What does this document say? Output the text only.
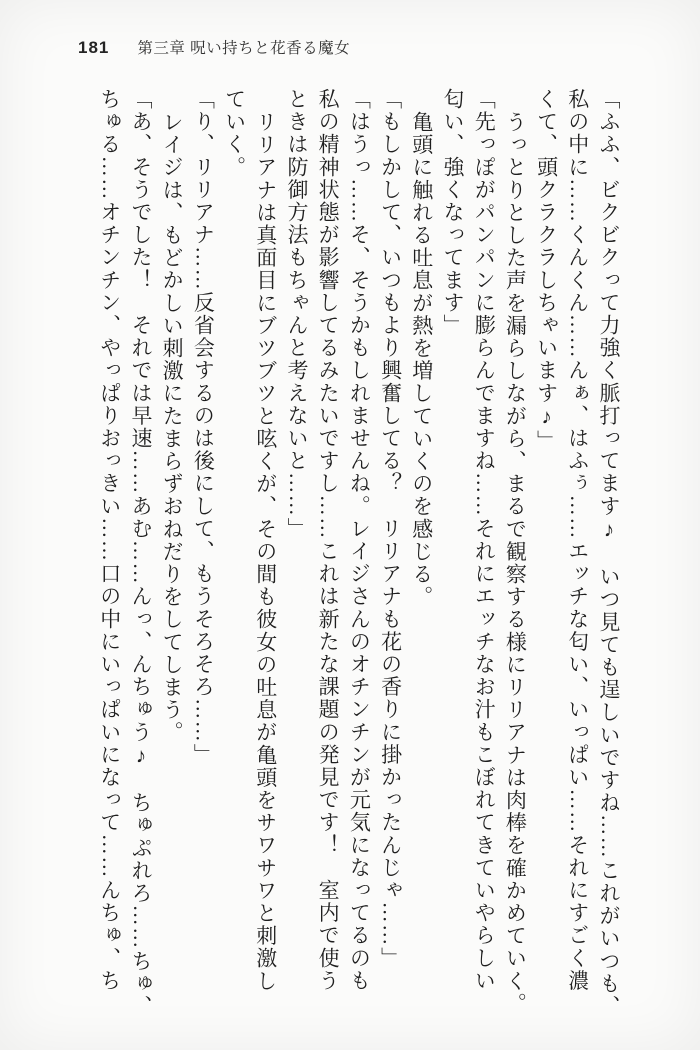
181 第三章 呪い持ちと花香る魔女
「ふふ、ビクビクって力強く脈打ってます♪　いつ見ても逞しいですね……これがいつも、
私の中に……くんくん……んぁ、はふぅ……エッチな匂い、いっぱい……それにすごく濃
くて、頭クラクラしちゃいます♪」
うっとりとした声を漏らしながら、まるで観察する様にリリアナは肉棒を確かめていく。
「先っぽがパンパンに膨らんでますね……それにエッチなお汁もこぼれてきていやらしい
匂い、強くなってます」
亀頭に触れる吐息が熱を増していくのを感じる。
「もしかして、いつもより興奮してる？　リリアナも花の香りに掛かったんじゃ……」
「はうっ……そ、そうかもしれませんね。レイジさんのオチンチンが元気になってるのも
私の精神状態が影響してるみたいですし……これは新たな課題の発見です！　室内で使う
ときは防御方法もちゃんと考えないと……」
リリアナは真面目にブツブツと呟くが、その間も彼女の吐息が亀頭をサワサワと刺激し
ていく。
「り、リリアナ……反省会するのは後にして、もうそろそろ……」
レイジは、もどかしい刺激にたまらずおねだりをしてしまう。
「あ、そうでした！　それでは早速……あむ……んっ、んちゅう♪　ちゅぷれろ……ちゅ、
ちゅる……オチンチン、やっぱりおっきい……口の中にいっぱいになって……んちゅ、ち
